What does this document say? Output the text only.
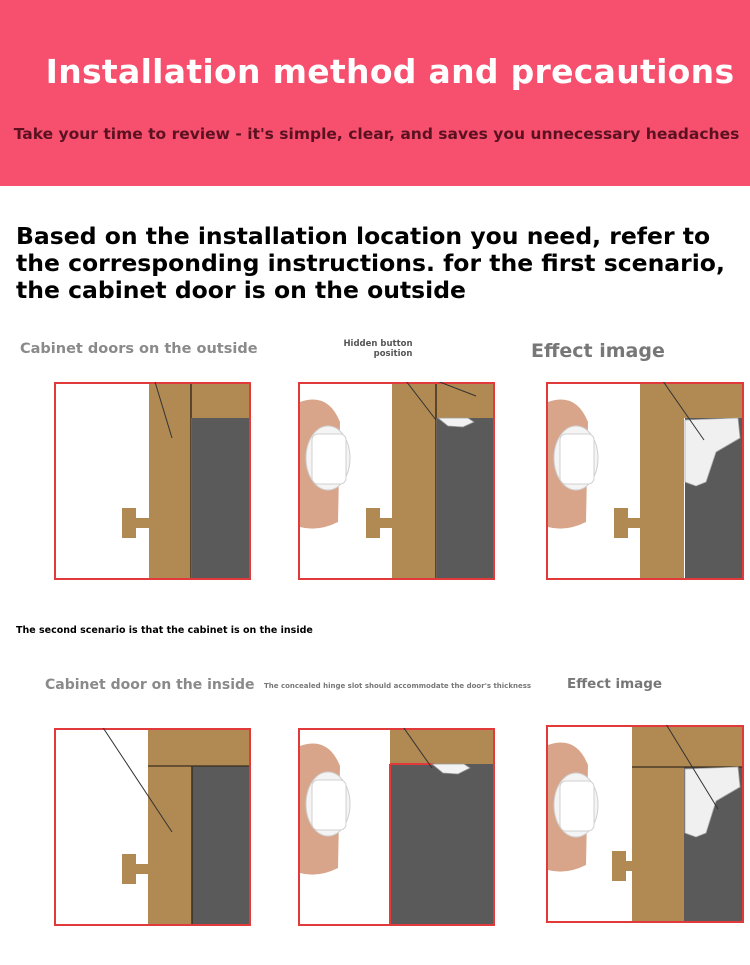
Installation method and precautions
Take your time to review - it's simple, clear, and saves you unnecessary headaches
Based on the installation location you need, refer to the corresponding instructions. for the first scenario, the cabinet door is on the outside
Cabinet doors on the outside	Hidden button
position	Effect image
The second scenario is that the cabinet is on the inside
Cabinet door on the inside The concealed hinge slot should accommodate the door's thickness	Effect image
